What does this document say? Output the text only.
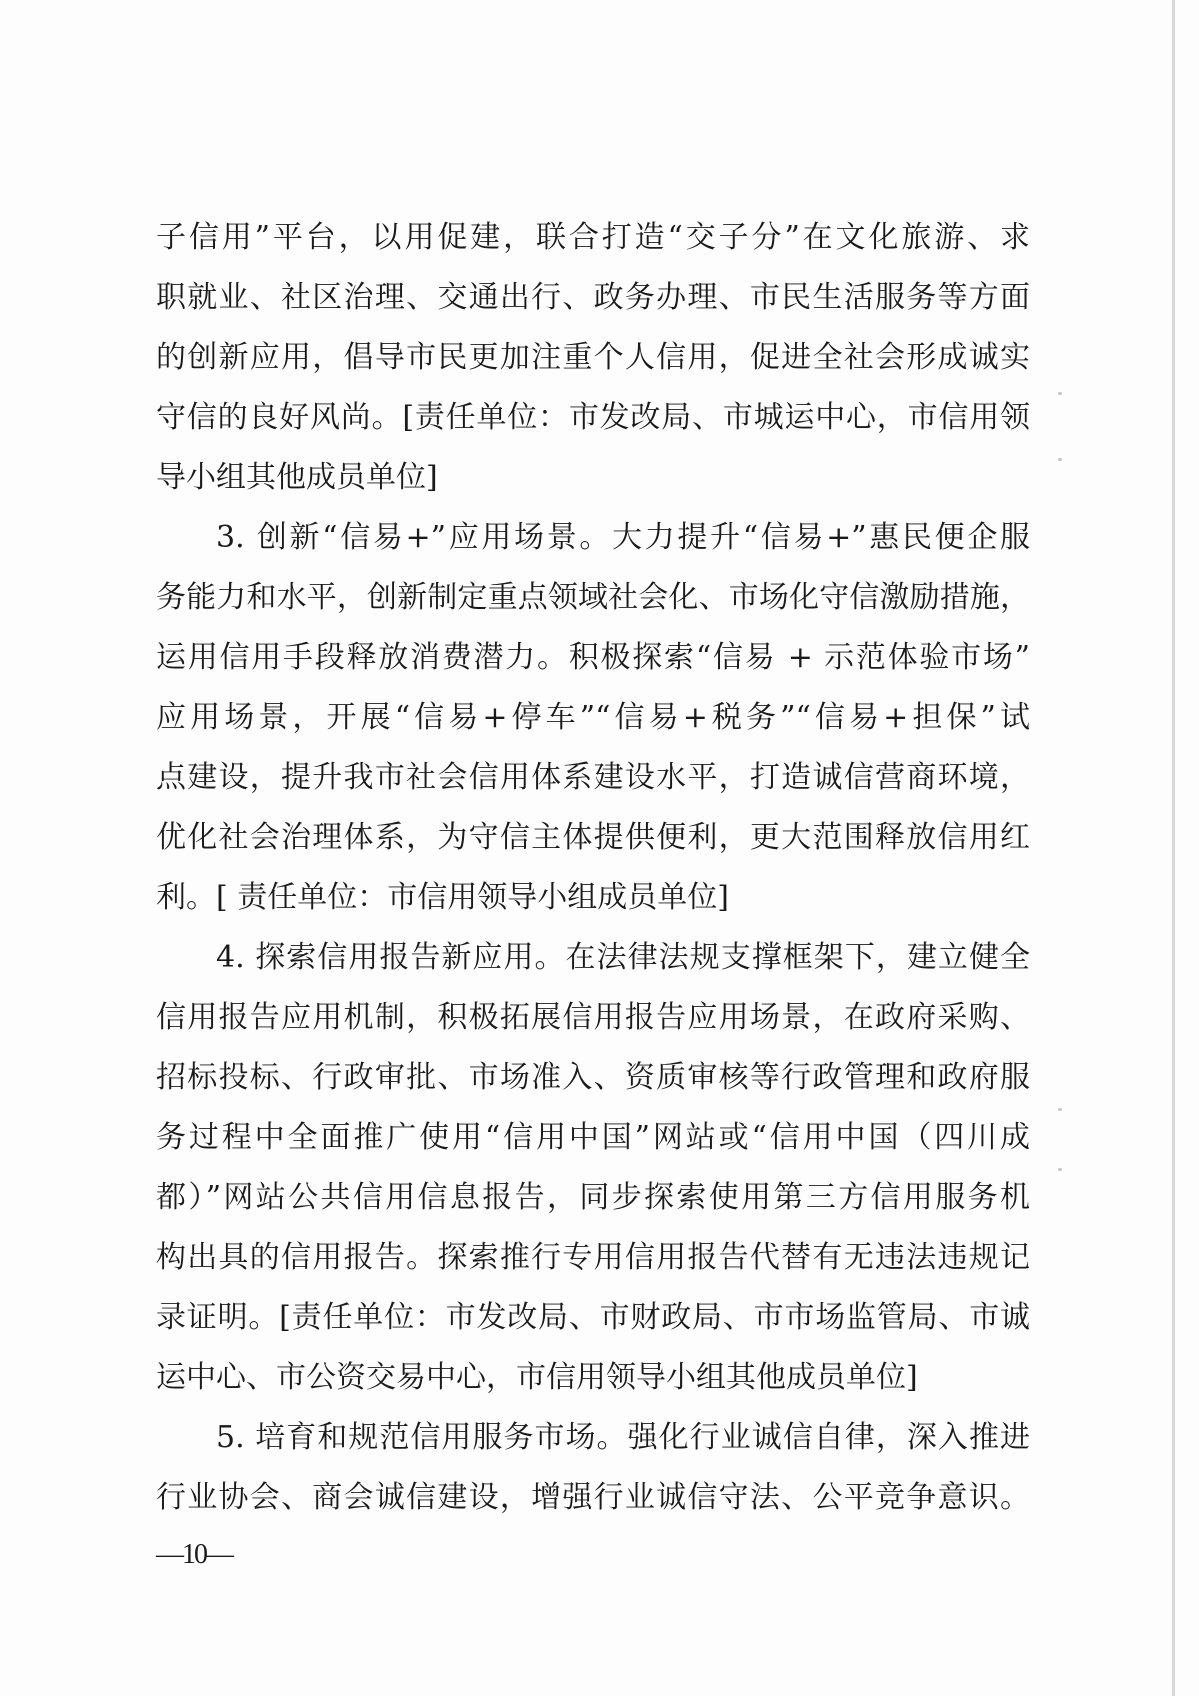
子信用”平台，以用促建，联合打造“交子分”在文化旅游、求
职就业、社区治理、交通出行、政务办理、市民生活服务等方面
的创新应用，倡导市民更加注重个人信用，促进全社会形成诚实
守信的良好风尚。[责任单位：市发改局、市城运中心，市信用领
导小组其他成员单位]
3. 创新“信易+”应用场景。大力提升“信易+”惠民便企服
务能力和水平，创新制定重点领域社会化、市场化守信激励措施，
运用信用手段释放消费潜力。积极探索“信易 + 示范体验市场”
应用场景，开展“信易+停车”“信易+税务”“信易+担保”试
点建设，提升我市社会信用体系建设水平，打造诚信营商环境，
优化社会治理体系，为守信主体提供便利，更大范围释放信用红
利。[ 责任单位：市信用领导小组成员单位]
4. 探索信用报告新应用。在法律法规支撑框架下，建立健全
信用报告应用机制，积极拓展信用报告应用场景，在政府采购、
招标投标、行政审批、市场准入、资质审核等行政管理和政府服
务过程中全面推广使用“信用中国”网站或“信用中国（四川成
都）”网站公共信用信息报告，同步探索使用第三方信用服务机
构出具的信用报告。探索推行专用信用报告代替有无违法违规记
录证明。[责任单位：市发改局、市财政局、市市场监管局、市诚
运中心、市公资交易中心，市信用领导小组其他成员单位]
5. 培育和规范信用服务市场。强化行业诚信自律，深入推进
行业协会、商会诚信建设，增强行业诚信守法、公平竞争意识。
—10—
